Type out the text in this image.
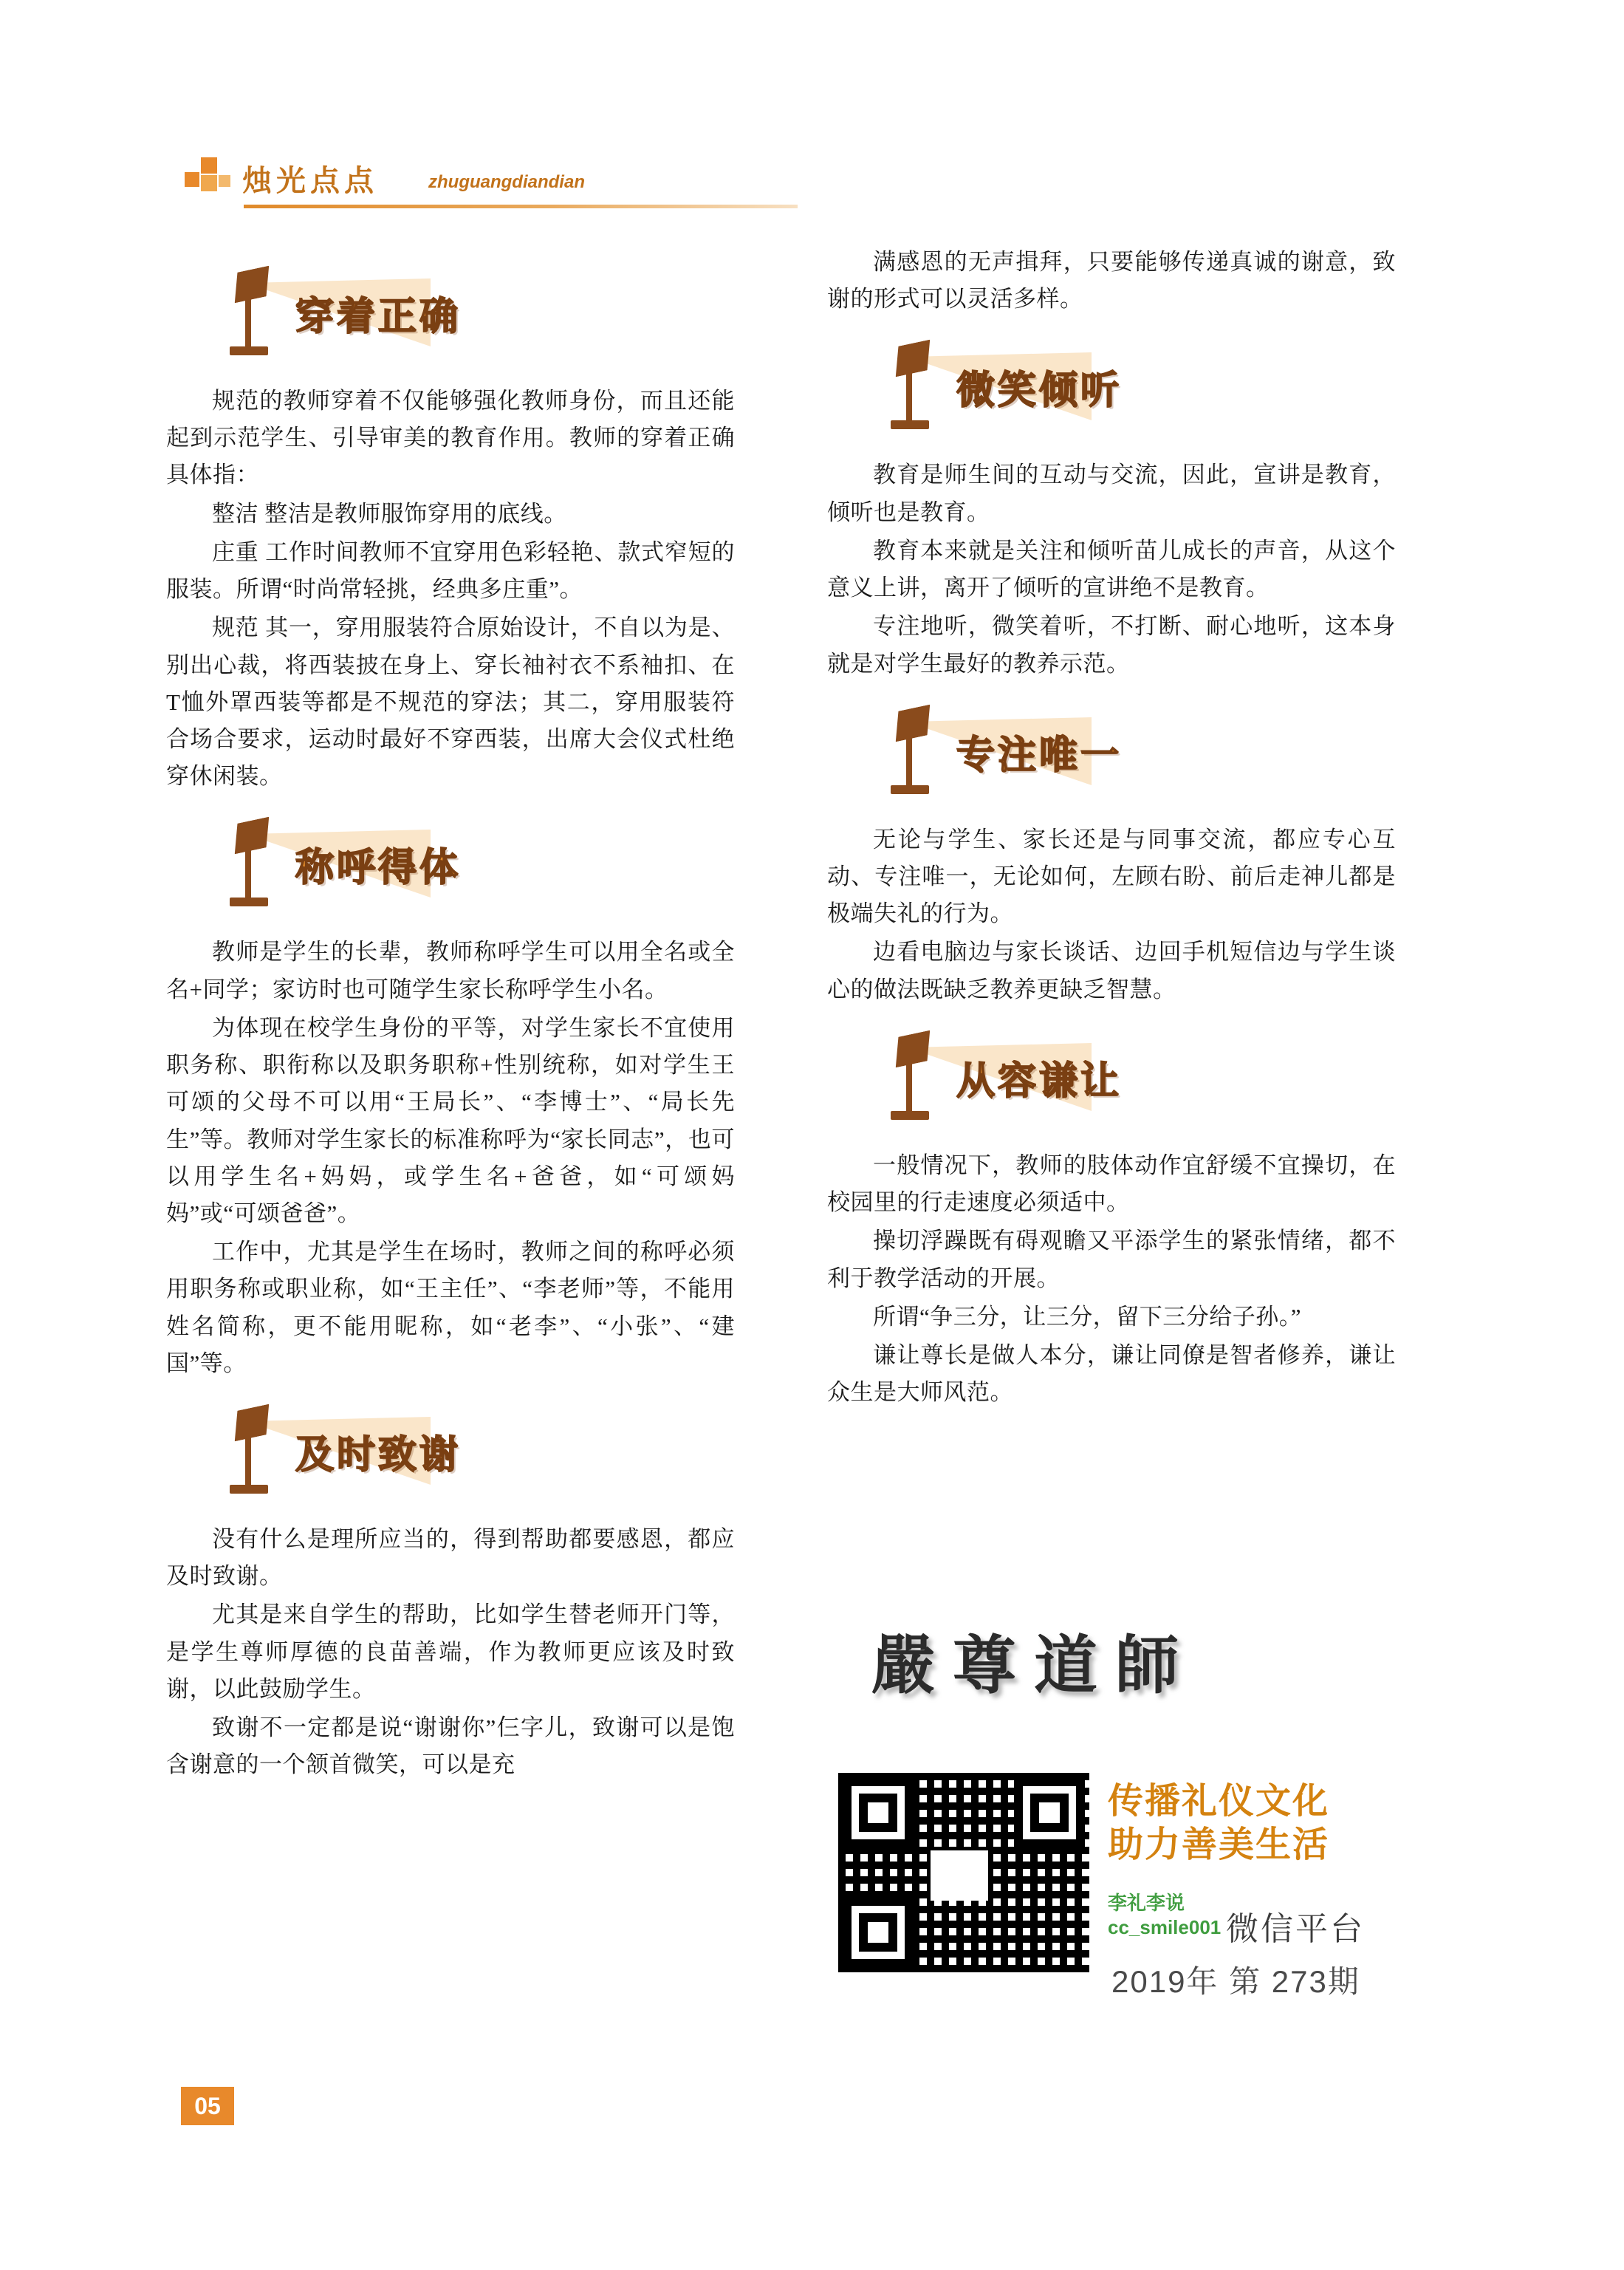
烛光点点	zhuguangdiandian
穿着正确

规范的教师穿着不仅能够强化教师身份，而且还能起到示范学生、引导审美的教育作用。教师的穿着正确具体指：

整洁 整洁是教师服饰穿用的底线。

庄重 工作时间教师不宜穿用色彩轻艳、款式窄短的服装。所谓“时尚常轻挑，经典多庄重”。

规范 其一，穿用服装符合原始设计，不自以为是、别出心裁，将西装披在身上、穿长袖衬衣不系袖扣、在T恤外罩西装等都是不规范的穿法；其二，穿用服装符合场合要求，运动时最好不穿西装，出席大会仪式杜绝穿休闲装。

称呼得体

教师是学生的长辈，教师称呼学生可以用全名或全名+同学；家访时也可随学生家长称呼学生小名。

为体现在校学生身份的平等，对学生家长不宜使用职务称、职衔称以及职务职称+性别统称，如对学生王可颂的父母不可以用“王局长”、“李博士”、“局长先生”等。教师对学生家长的标准称呼为“家长同志”，也可以用学生名+妈妈，或学生名+爸爸，如“可颂妈妈”或“可颂爸爸”。

工作中，尤其是学生在场时，教师之间的称呼必须用职务称或职业称，如“王主任”、“李老师”等，不能用姓名简称，更不能用昵称，如“老李”、“小张”、“建国”等。

及时致谢

没有什么是理所应当的，得到帮助都要感恩，都应及时致谢。

尤其是来自学生的帮助，比如学生替老师开门等，是学生尊师厚德的良苗善端，作为教师更应该及时致谢，以此鼓励学生。

致谢不一定都是说“谢谢你”仨字儿，致谢可以是饱含谢意的一个颔首微笑，可以是充

满感恩的无声揖拜，只要能够传递真诚的谢意，致谢的形式可以灵活多样。

微笑倾听

教育是师生间的互动与交流，因此，宣讲是教育，倾听也是教育。

教育本来就是关注和倾听苗儿成长的声音，从这个意义上讲，离开了倾听的宣讲绝不是教育。

专注地听，微笑着听，不打断、耐心地听，这本身就是对学生最好的教养示范。

专注唯一

无论与学生、家长还是与同事交流，都应专心互动、专注唯一，无论如何，左顾右盼、前后走神儿都是极端失礼的行为。

边看电脑边与家长谈话、边回手机短信边与学生谈心的做法既缺乏教养更缺乏智慧。

从容谦让

一般情况下，教师的肢体动作宜舒缓不宜操切，在校园里的行走速度必须适中。

操切浮躁既有碍观瞻又平添学生的紧张情绪，都不利于教学活动的开展。

所谓“争三分，让三分，留下三分给子孙。”

谦让尊长是做人本分，谦让同僚是智者修养，谦让众生是大师风范。

嚴尊道師
传播礼仪文化
助力善美生活
李礼李说
cc_smile001 微信平台
2019年 第 273期
05
